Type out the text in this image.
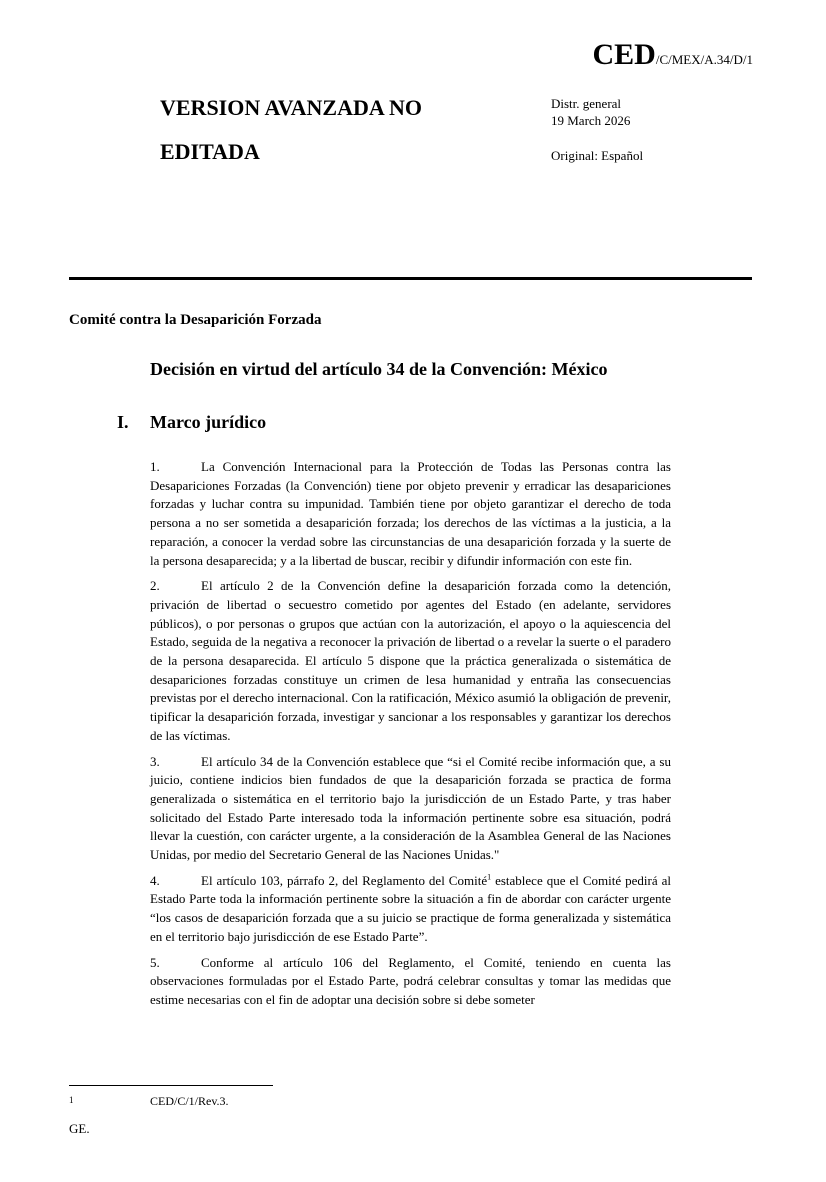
CED/C/MEX/A.34/D/1
VERSION AVANZADA NO
EDITADA
Distr. general
19 March 2026
Original: Español
Comité contra la Desaparición Forzada
Decisión en virtud del artículo 34 de la Convención: México
I. Marco jurídico

1.	La Convención Internacional para la Protección de Todas las Personas contra las Desapariciones Forzadas (la Convención) tiene por objeto prevenir y erradicar las desapariciones forzadas y luchar contra su impunidad. También tiene por objeto garantizar el derecho de toda persona a no ser sometida a desaparición forzada; los derechos de las víctimas a la justicia, a la reparación, a conocer la verdad sobre las circunstancias de una desaparición forzada y la suerte de la persona desaparecida; y a la libertad de buscar, recibir y difundir información con este fin.

2.	El artículo 2 de la Convención define la desaparición forzada como la detención, privación de libertad o secuestro cometido por agentes del Estado (en adelante, servidores públicos), o por personas o grupos que actúan con la autorización, el apoyo o la aquiescencia del Estado, seguida de la negativa a reconocer la privación de libertad o a revelar la suerte o el paradero de la persona desaparecida. El artículo 5 dispone que la práctica generalizada o sistemática de desapariciones forzadas constituye un crimen de lesa humanidad y entraña las consecuencias previstas por el derecho internacional. Con la ratificación, México asumió la obligación de prevenir, tipificar la desaparición forzada, investigar y sancionar a los responsables y garantizar los derechos de las víctimas.

3.	El artículo 34 de la Convención establece que “si el Comité recibe información que, a su juicio, contiene indicios bien fundados de que la desaparición forzada se practica de forma generalizada o sistemática en el territorio bajo la jurisdicción de un Estado Parte, y tras haber solicitado del Estado Parte interesado toda la información pertinente sobre esa situación, podrá llevar la cuestión, con carácter urgente, a la consideración de la Asamblea General de las Naciones Unidas, por medio del Secretario General de las Naciones Unidas."

4.	El artículo 103, párrafo 2, del Reglamento del Comité$^1$ establece que el Comité pedirá al Estado Parte toda la información pertinente sobre la situación a fin de abordar con carácter urgente “los casos de desaparición forzada que a su juicio se practique de forma generalizada y sistemática en el territorio bajo jurisdicción de ese Estado Parte”.

5.	Conforme al artículo 106 del Reglamento, el Comité, teniendo en cuenta las observaciones formuladas por el Estado Parte, podrá celebrar consultas y tomar las medidas que estime necesarias con el fin de adoptar una decisión sobre si debe someter

1	CED/C/1/Rev.3.
GE.
